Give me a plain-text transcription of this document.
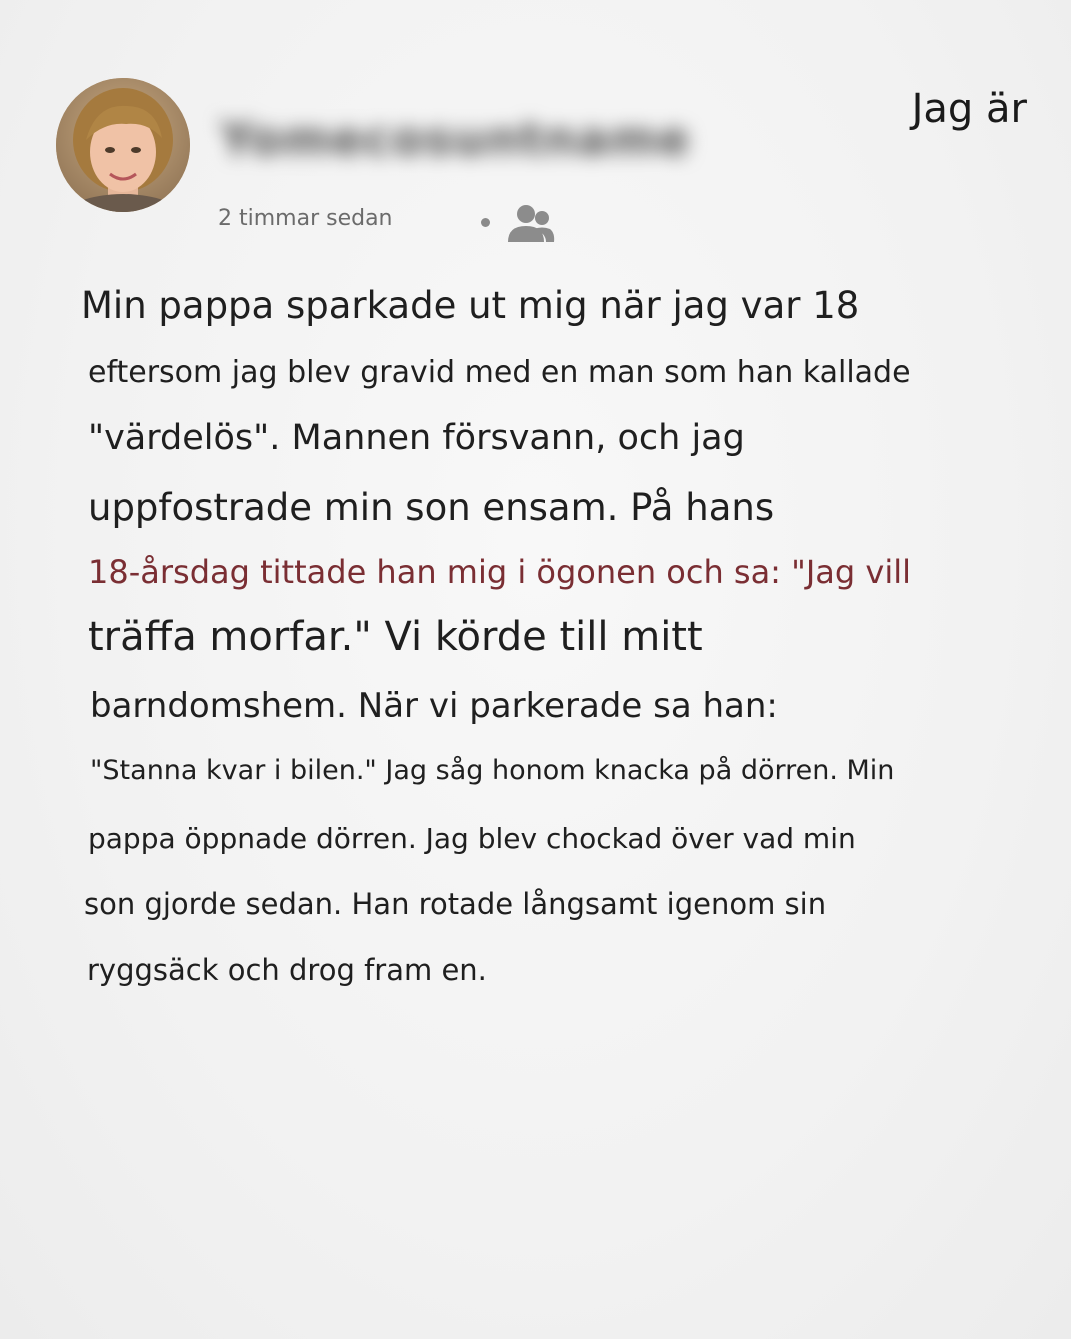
Yomecosuntname
Jag är
2 timmar sedan
Min pappa sparkade ut mig när jag var 18
eftersom jag blev gravid med en man som han kallade
"värdelös". Mannen försvann, och jag
uppfostrade min son ensam. På hans
18-årsdag tittade han mig i ögonen och sa: "Jag vill
träffa morfar." Vi körde till mitt
barndomshem. När vi parkerade sa han:
"Stanna kvar i bilen." Jag såg honom knacka på dörren. Min
pappa öppnade dörren. Jag blev chockad över vad min
son gjorde sedan. Han rotade långsamt igenom sin
ryggsäck och drog fram en.
